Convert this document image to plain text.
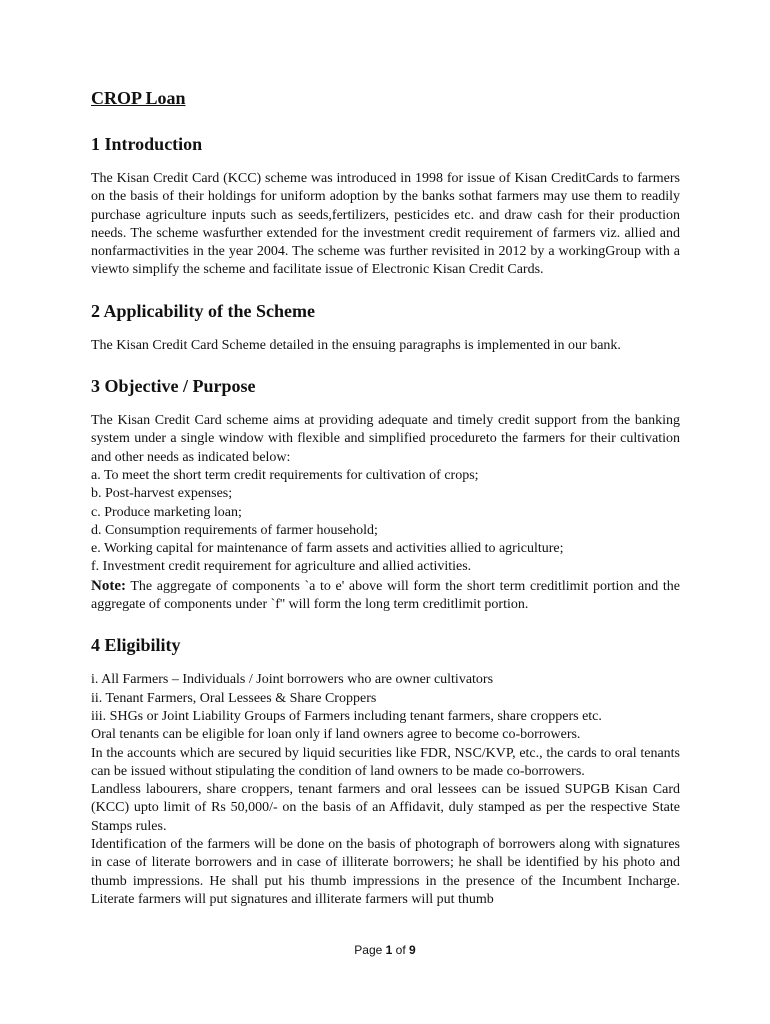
CROP Loan
1 Introduction

The Kisan Credit Card (KCC) scheme was introduced in 1998 for issue of Kisan CreditCards to farmers on the basis of their holdings for uniform adoption by the banks sothat farmers may use them to readily purchase agriculture inputs such as seeds,fertilizers, pesticides etc. and draw cash for their production needs. The scheme wasfurther extended for the investment credit requirement of farmers viz. allied and nonfarmactivities in the year 2004. The scheme was further revisited in 2012 by a workingGroup with a viewto simplify the scheme and facilitate issue of Electronic Kisan Credit Cards.

2 Applicability of the Scheme

The Kisan Credit Card Scheme detailed in the ensuing paragraphs is implemented in our bank.

3 Objective / Purpose

The Kisan Credit Card scheme aims at providing adequate and timely credit support from the banking system under a single window with flexible and simplified procedureto the farmers for their cultivation and other needs as indicated below:

a. To meet the short term credit requirements for cultivation of crops;

b. Post-harvest expenses;

c. Produce marketing loan;

d. Consumption requirements of farmer household;

e. Working capital for maintenance of farm assets and activities allied to agriculture;

f. Investment credit requirement for agriculture and allied activities.

Note: The aggregate of components `a to e' above will form the short term creditlimit portion and the aggregate of components under `f'' will form the long term creditlimit portion.

4 Eligibility

i. All Farmers – Individuals / Joint borrowers who are owner cultivators

ii. Tenant Farmers, Oral Lessees & Share Croppers

iii. SHGs or Joint Liability Groups of Farmers including tenant farmers, share croppers etc.

Oral tenants can be eligible for loan only if land owners agree to become co-borrowers.

In the accounts which are secured by liquid securities like FDR, NSC/KVP, etc., the cards to oral tenants can be issued without stipulating the condition of land owners to be made co-borrowers.

Landless labourers, share croppers, tenant farmers and oral lessees can be issued SUPGB Kisan Card (KCC) upto limit of Rs 50,000/- on the basis of an Affidavit, duly stamped as per the respective State Stamps rules.

Identification of the farmers will be done on the basis of photograph of borrowers along with signatures in case of literate borrowers and in case of illiterate borrowers; he shall be identified by his photo and thumb impressions. He shall put his thumb impressions in the presence of the Incumbent Incharge. Literate farmers will put signatures and illiterate farmers will put thumb

Page 1 of 9
